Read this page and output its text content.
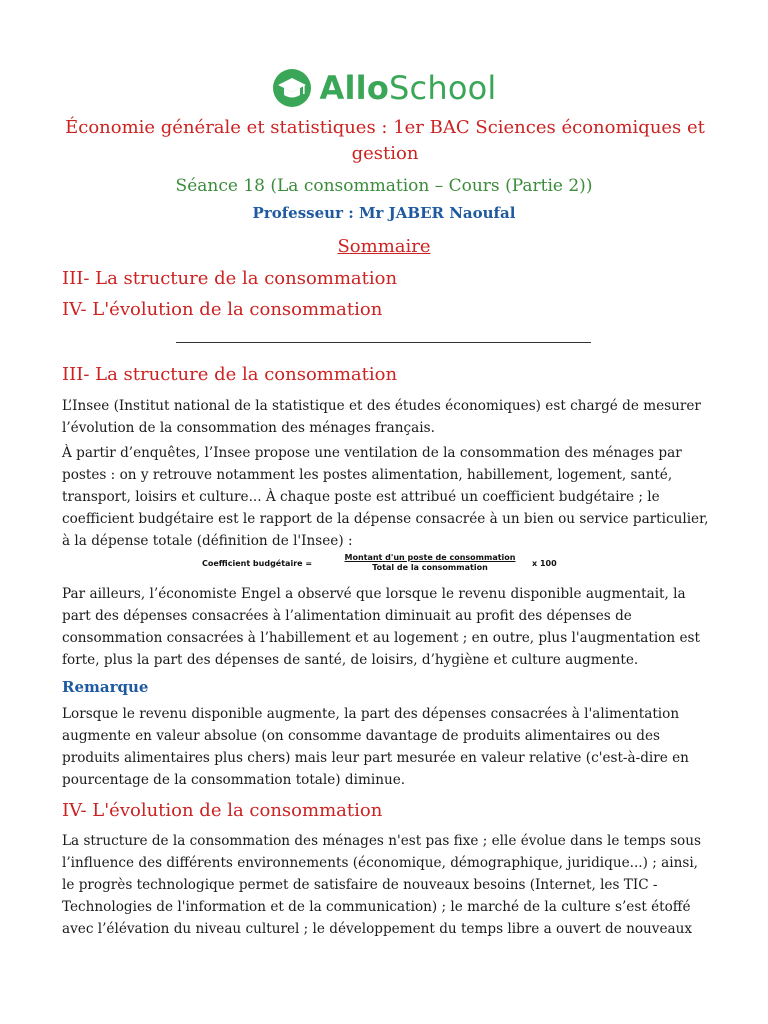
AlloSchool
Économie générale et statistiques : 1er BAC Sciences économiques et gestion
Séance 18 (La consommation – Cours (Partie 2))
Professeur : Mr JABER Naoufal
Sommaire
III- La structure de la consommation
IV- L'évolution de la consommation
III- La structure de la consommation
L’Insee (Institut national de la statistique et des études économiques) est chargé de mesurer l’évolution de la consommation des ménages français.
À partir d’enquêtes, l’Insee propose une ventilation de la consommation des ménages par postes : on y retrouve notamment les postes alimentation, habillement, logement, santé, transport, loisirs et culture... À chaque poste est attribué un coefficient budgétaire ; le coefficient budgétaire est le rapport de la dépense consacrée à un bien ou service particulier, à la dépense totale (définition de l'Insee) :
Coefficient budgétaire =
Montant d'un poste de consommation
Total de la consommation	x 100
Par ailleurs, l’économiste Engel a observé que lorsque le revenu disponible augmentait, la part des dépenses consacrées à l’alimentation diminuait au profit des dépenses de consommation consacrées à l’habillement et au logement ; en outre, plus l'augmentation est forte, plus la part des dépenses de santé, de loisirs, d’hygiène et culture augmente.
Remarque
Lorsque le revenu disponible augmente, la part des dépenses consacrées à l'alimentation augmente en valeur absolue (on consomme davantage de produits alimentaires ou des produits alimentaires plus chers) mais leur part mesurée en valeur relative (c'est-à-dire en pourcentage de la consommation totale) diminue.
IV- L'évolution de la consommation
La structure de la consommation des ménages n'est pas fixe ; elle évolue dans le temps sous l’influence des différents environnements (économique, démographique, juridique...) ; ainsi, le progrès technologique permet de satisfaire de nouveaux besoins (Internet, les TIC - Technologies de l'information et de la communication) ; le marché de la culture s’est étoffé avec l’élévation du niveau culturel ; le développement du temps libre a ouvert de nouveaux
